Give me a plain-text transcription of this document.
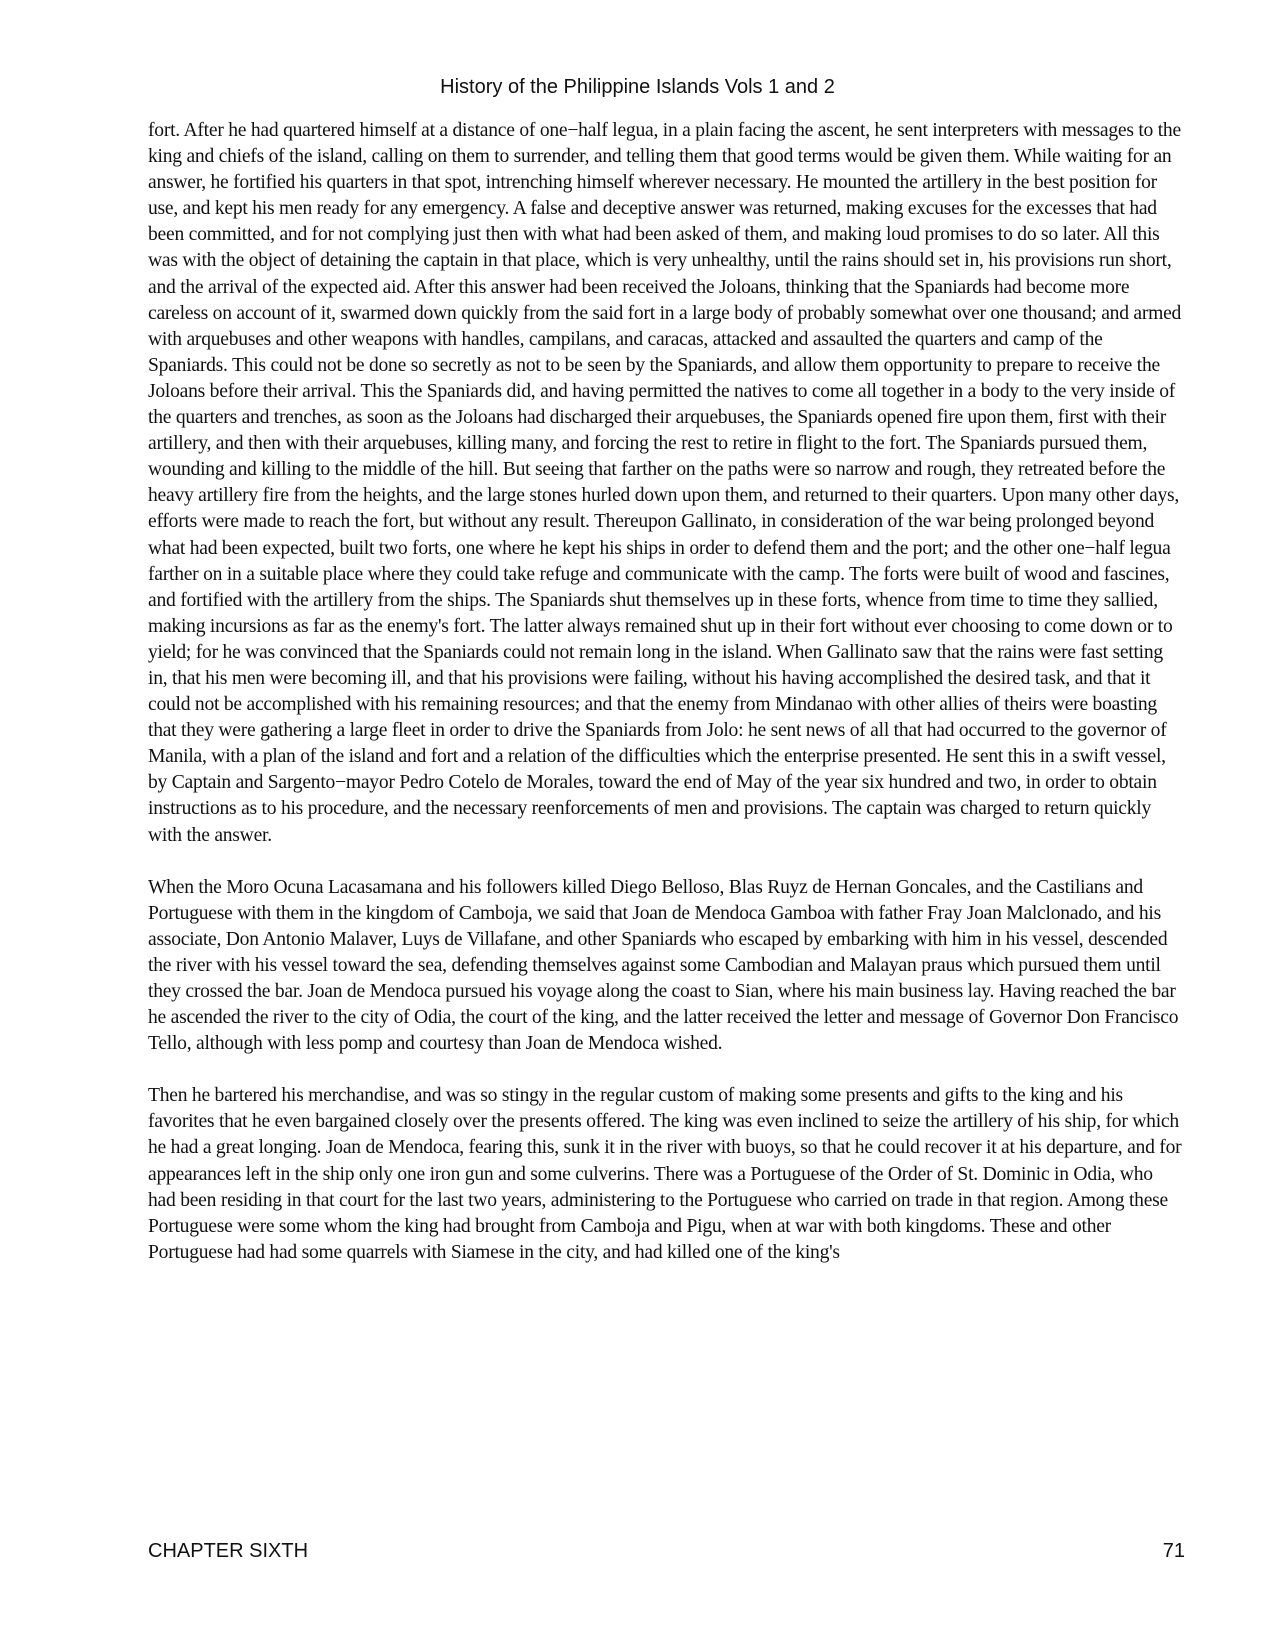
History of the Philippine Islands Vols 1 and 2

fort. After he had quartered himself at a distance of one−half legua, in a plain facing the ascent, he sent interpreters with messages to the king and chiefs of the island, calling on them to surrender, and telling them that good terms would be given them. While waiting for an answer, he fortified his quarters in that spot, intrenching himself wherever necessary. He mounted the artillery in the best position for use, and kept his men ready for any emergency. A false and deceptive answer was returned, making excuses for the excesses that had been committed, and for not complying just then with what had been asked of them, and making loud promises to do so later. All this was with the object of detaining the captain in that place, which is very unhealthy, until the rains should set in, his provisions run short, and the arrival of the expected aid. After this answer had been received the Joloans, thinking that the Spaniards had become more careless on account of it, swarmed down quickly from the said fort in a large body of probably somewhat over one thousand; and armed with arquebuses and other weapons with handles, campilans, and caracas, attacked and assaulted the quarters and camp of the Spaniards. This could not be done so secretly as not to be seen by the Spaniards, and allow them opportunity to prepare to receive the Joloans before their arrival. This the Spaniards did, and having permitted the natives to come all together in a body to the very inside of the quarters and trenches, as soon as the Joloans had discharged their arquebuses, the Spaniards opened fire upon them, first with their artillery, and then with their arquebuses, killing many, and forcing the rest to retire in flight to the fort. The Spaniards pursued them, wounding and killing to the middle of the hill. But seeing that farther on the paths were so narrow and rough, they retreated before the heavy artillery fire from the heights, and the large stones hurled down upon them, and returned to their quarters. Upon many other days, efforts were made to reach the fort, but without any result. Thereupon Gallinato, in consideration of the war being prolonged beyond what had been expected, built two forts, one where he kept his ships in order to defend them and the port; and the other one−half legua farther on in a suitable place where they could take refuge and communicate with the camp. The forts were built of wood and fascines, and fortified with the artillery from the ships. The Spaniards shut themselves up in these forts, whence from time to time they sallied, making incursions as far as the enemy's fort. The latter always remained shut up in their fort without ever choosing to come down or to yield; for he was convinced that the Spaniards could not remain long in the island. When Gallinato saw that the rains were fast setting in, that his men were becoming ill, and that his provisions were failing, without his having accomplished the desired task, and that it could not be accomplished with his remaining resources; and that the enemy from Mindanao with other allies of theirs were boasting that they were gathering a large fleet in order to drive the Spaniards from Jolo: he sent news of all that had occurred to the governor of Manila, with a plan of the island and fort and a relation of the difficulties which the enterprise presented. He sent this in a swift vessel, by Captain and Sargento−mayor Pedro Cotelo de Morales, toward the end of May of the year six hundred and two, in order to obtain instructions as to his procedure, and the necessary reenforcements of men and provisions. The captain was charged to return quickly with the answer.

When the Moro Ocuna Lacasamana and his followers killed Diego Belloso, Blas Ruyz de Hernan Goncales, and the Castilians and Portuguese with them in the kingdom of Camboja, we said that Joan de Mendoca Gamboa with father Fray Joan Malclonado, and his associate, Don Antonio Malaver, Luys de Villafane, and other Spaniards who escaped by embarking with him in his vessel, descended the river with his vessel toward the sea, defending themselves against some Cambodian and Malayan praus which pursued them until they crossed the bar. Joan de Mendoca pursued his voyage along the coast to Sian, where his main business lay. Having reached the bar he ascended the river to the city of Odia, the court of the king, and the latter received the letter and message of Governor Don Francisco Tello, although with less pomp and courtesy than Joan de Mendoca wished.

Then he bartered his merchandise, and was so stingy in the regular custom of making some presents and gifts to the king and his favorites that he even bargained closely over the presents offered. The king was even inclined to seize the artillery of his ship, for which he had a great longing. Joan de Mendoca, fearing this, sunk it in the river with buoys, so that he could recover it at his departure, and for appearances left in the ship only one iron gun and some culverins. There was a Portuguese of the Order of St. Dominic in Odia, who had been residing in that court for the last two years, administering to the Portuguese who carried on trade in that region. Among these Portuguese were some whom the king had brought from Camboja and Pigu, when at war with both kingdoms. These and other Portuguese had had some quarrels with Siamese in the city, and had killed one of the king's

CHAPTER SIXTH	71
